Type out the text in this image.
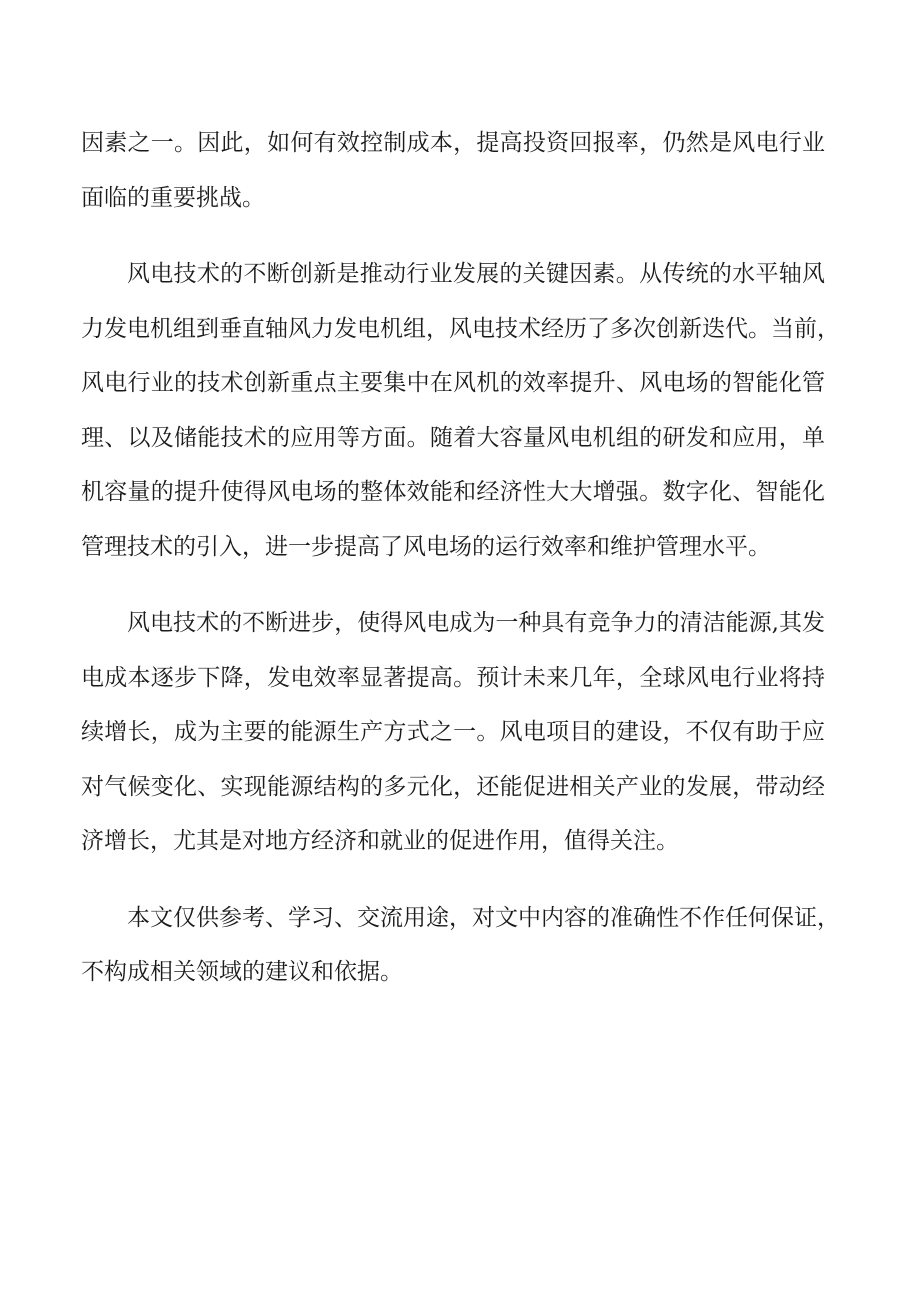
因素之一。因此，如何有效控制成本，提高投资回报率，仍然是风电行业
面临的重要挑战。
风电技术的不断创新是推动行业发展的关键因素。从传统的水平轴风
力发电机组到垂直轴风力发电机组，风电技术经历了多次创新迭代。当前，
风电行业的技术创新重点主要集中在风机的效率提升、风电场的智能化管
理、以及储能技术的应用等方面。随着大容量风电机组的研发和应用，单
机容量的提升使得风电场的整体效能和经济性大大增强。数字化、智能化
管理技术的引入，进一步提高了风电场的运行效率和维护管理水平。
风电技术的不断进步，使得风电成为一种具有竞争力的清洁能源,其发
电成本逐步下降，发电效率显著提高。预计未来几年，全球风电行业将持
续增长，成为主要的能源生产方式之一。风电项目的建设，不仅有助于应
对气候变化、实现能源结构的多元化，还能促进相关产业的发展，带动经
济增长，尤其是对地方经济和就业的促进作用，值得关注。
本文仅供参考、学习、交流用途，对文中内容的准确性不作任何保证，
不构成相关领域的建议和依据。
